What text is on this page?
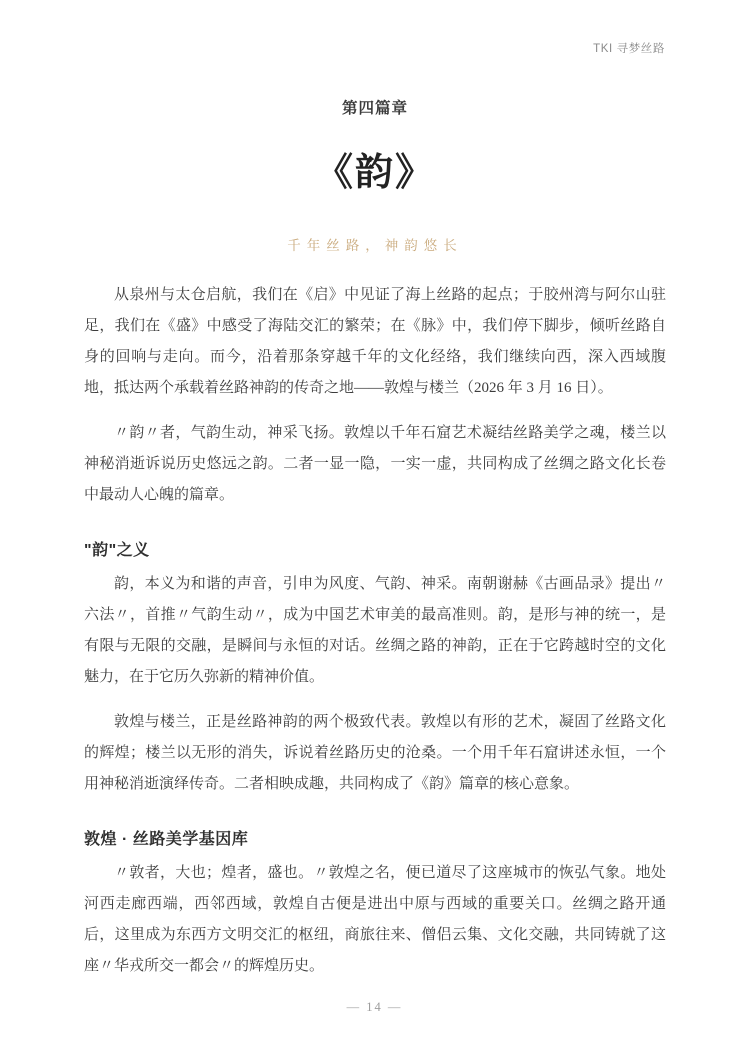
TKI 寻梦丝路
第四篇章
《韵》
千年丝路，神韵悠长

从泉州与太仓启航，我们在《启》中见证了海上丝路的起点；于胶州湾与阿尔山驻足，我们在《盛》中感受了海陆交汇的繁荣；在《脉》中，我们停下脚步，倾听丝路自身的回响与走向。而今，沿着那条穿越千年的文化经络，我们继续向西，深入西域腹地，抵达两个承载着丝路神韵的传奇之地——敦煌与楼兰（2026 年 3 月 16 日）。

〃韵〃者，气韵生动，神采飞扬。敦煌以千年石窟艺术凝结丝路美学之魂，楼兰以神秘消逝诉说历史悠远之韵。二者一显一隐，一实一虚，共同构成了丝绸之路文化长卷中最动人心魄的篇章。

"韵"之义

韵，本义为和谐的声音，引申为风度、气韵、神采。南朝谢赫《古画品录》提出〃六法〃，首推〃气韵生动〃，成为中国艺术审美的最高准则。韵，是形与神的统一，是有限与无限的交融，是瞬间与永恒的对话。丝绸之路的神韵，正在于它跨越时空的文化魅力，在于它历久弥新的精神价值。

敦煌与楼兰，正是丝路神韵的两个极致代表。敦煌以有形的艺术，凝固了丝路文化的辉煌；楼兰以无形的消失，诉说着丝路历史的沧桑。一个用千年石窟讲述永恒，一个用神秘消逝演绎传奇。二者相映成趣，共同构成了《韵》篇章的核心意象。

敦煌 · 丝路美学基因库

〃敦者，大也；煌者，盛也。〃敦煌之名，便已道尽了这座城市的恢弘气象。地处河西走廊西端，西邻西域，敦煌自古便是进出中原与西域的重要关口。丝绸之路开通后，这里成为东西方文明交汇的枢纽，商旅往来、僧侣云集、文化交融，共同铸就了这座〃华戎所交一都会〃的辉煌历史。

— 14 —
